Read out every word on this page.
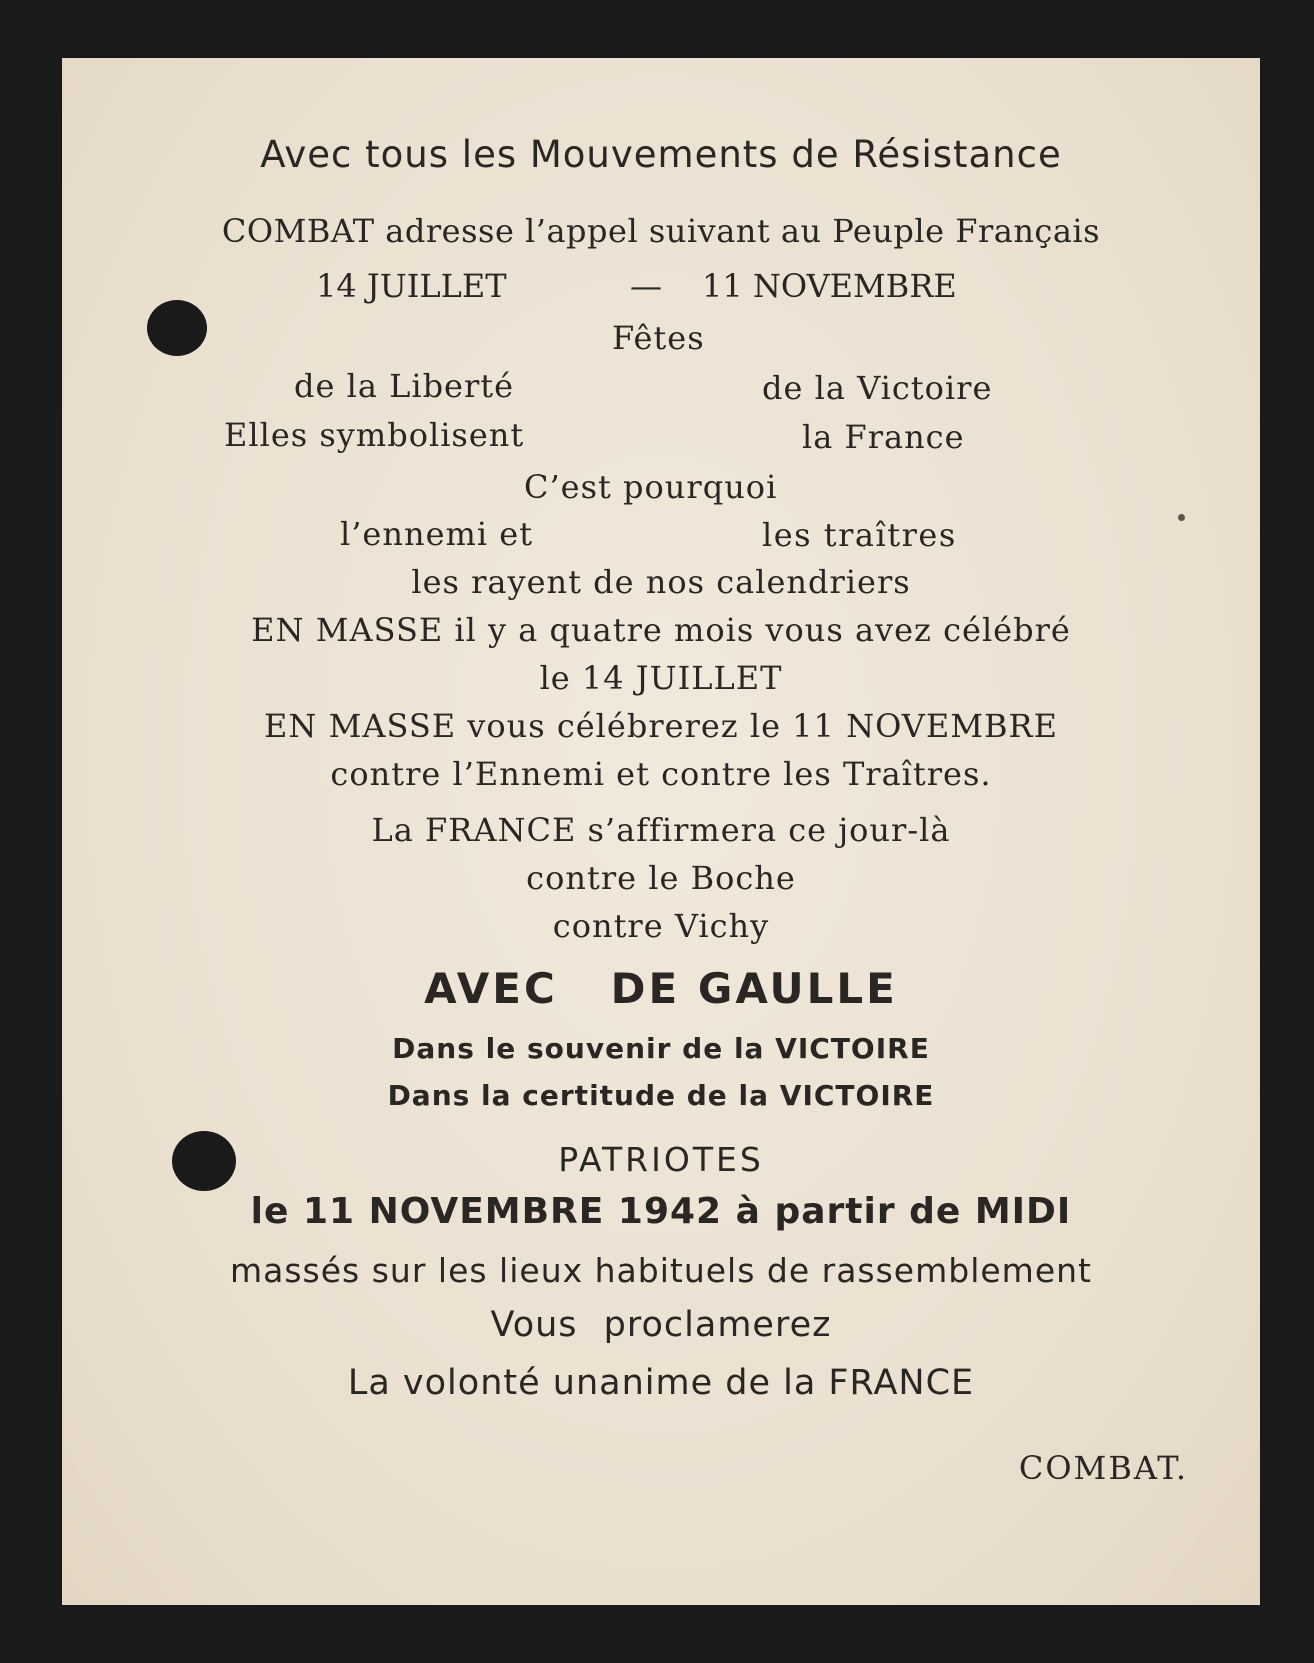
Avec tous les Mouvements de Résistance

COMBAT adresse l’appel suivant au Peuple Français

14 JUILLET	— 11 NOVEMBRE

Fêtes

de la Liberté	de la Victoire

Elles symbolisent	la France

C’est pourquoi

l’ennemi et	les traîtres

les rayent de nos calendriers

EN MASSE il y a quatre mois vous avez célébré

le 14 JUILLET

EN MASSE vous célébrerez le 11 NOVEMBRE

contre l’Ennemi et contre les Traîtres.

La FRANCE s’affirmera ce jour-là

contre le Boche

contre Vichy

AVEC   DE GAULLE

Dans le souvenir de la VICTOIRE

Dans la certitude de la VICTOIRE

PATRIOTES

le 11 NOVEMBRE 1942 à partir de MIDI

massés sur les lieux habituels de rassemblement

Vous proclamerez

La volonté unanime de la FRANCE

COMBAT.
